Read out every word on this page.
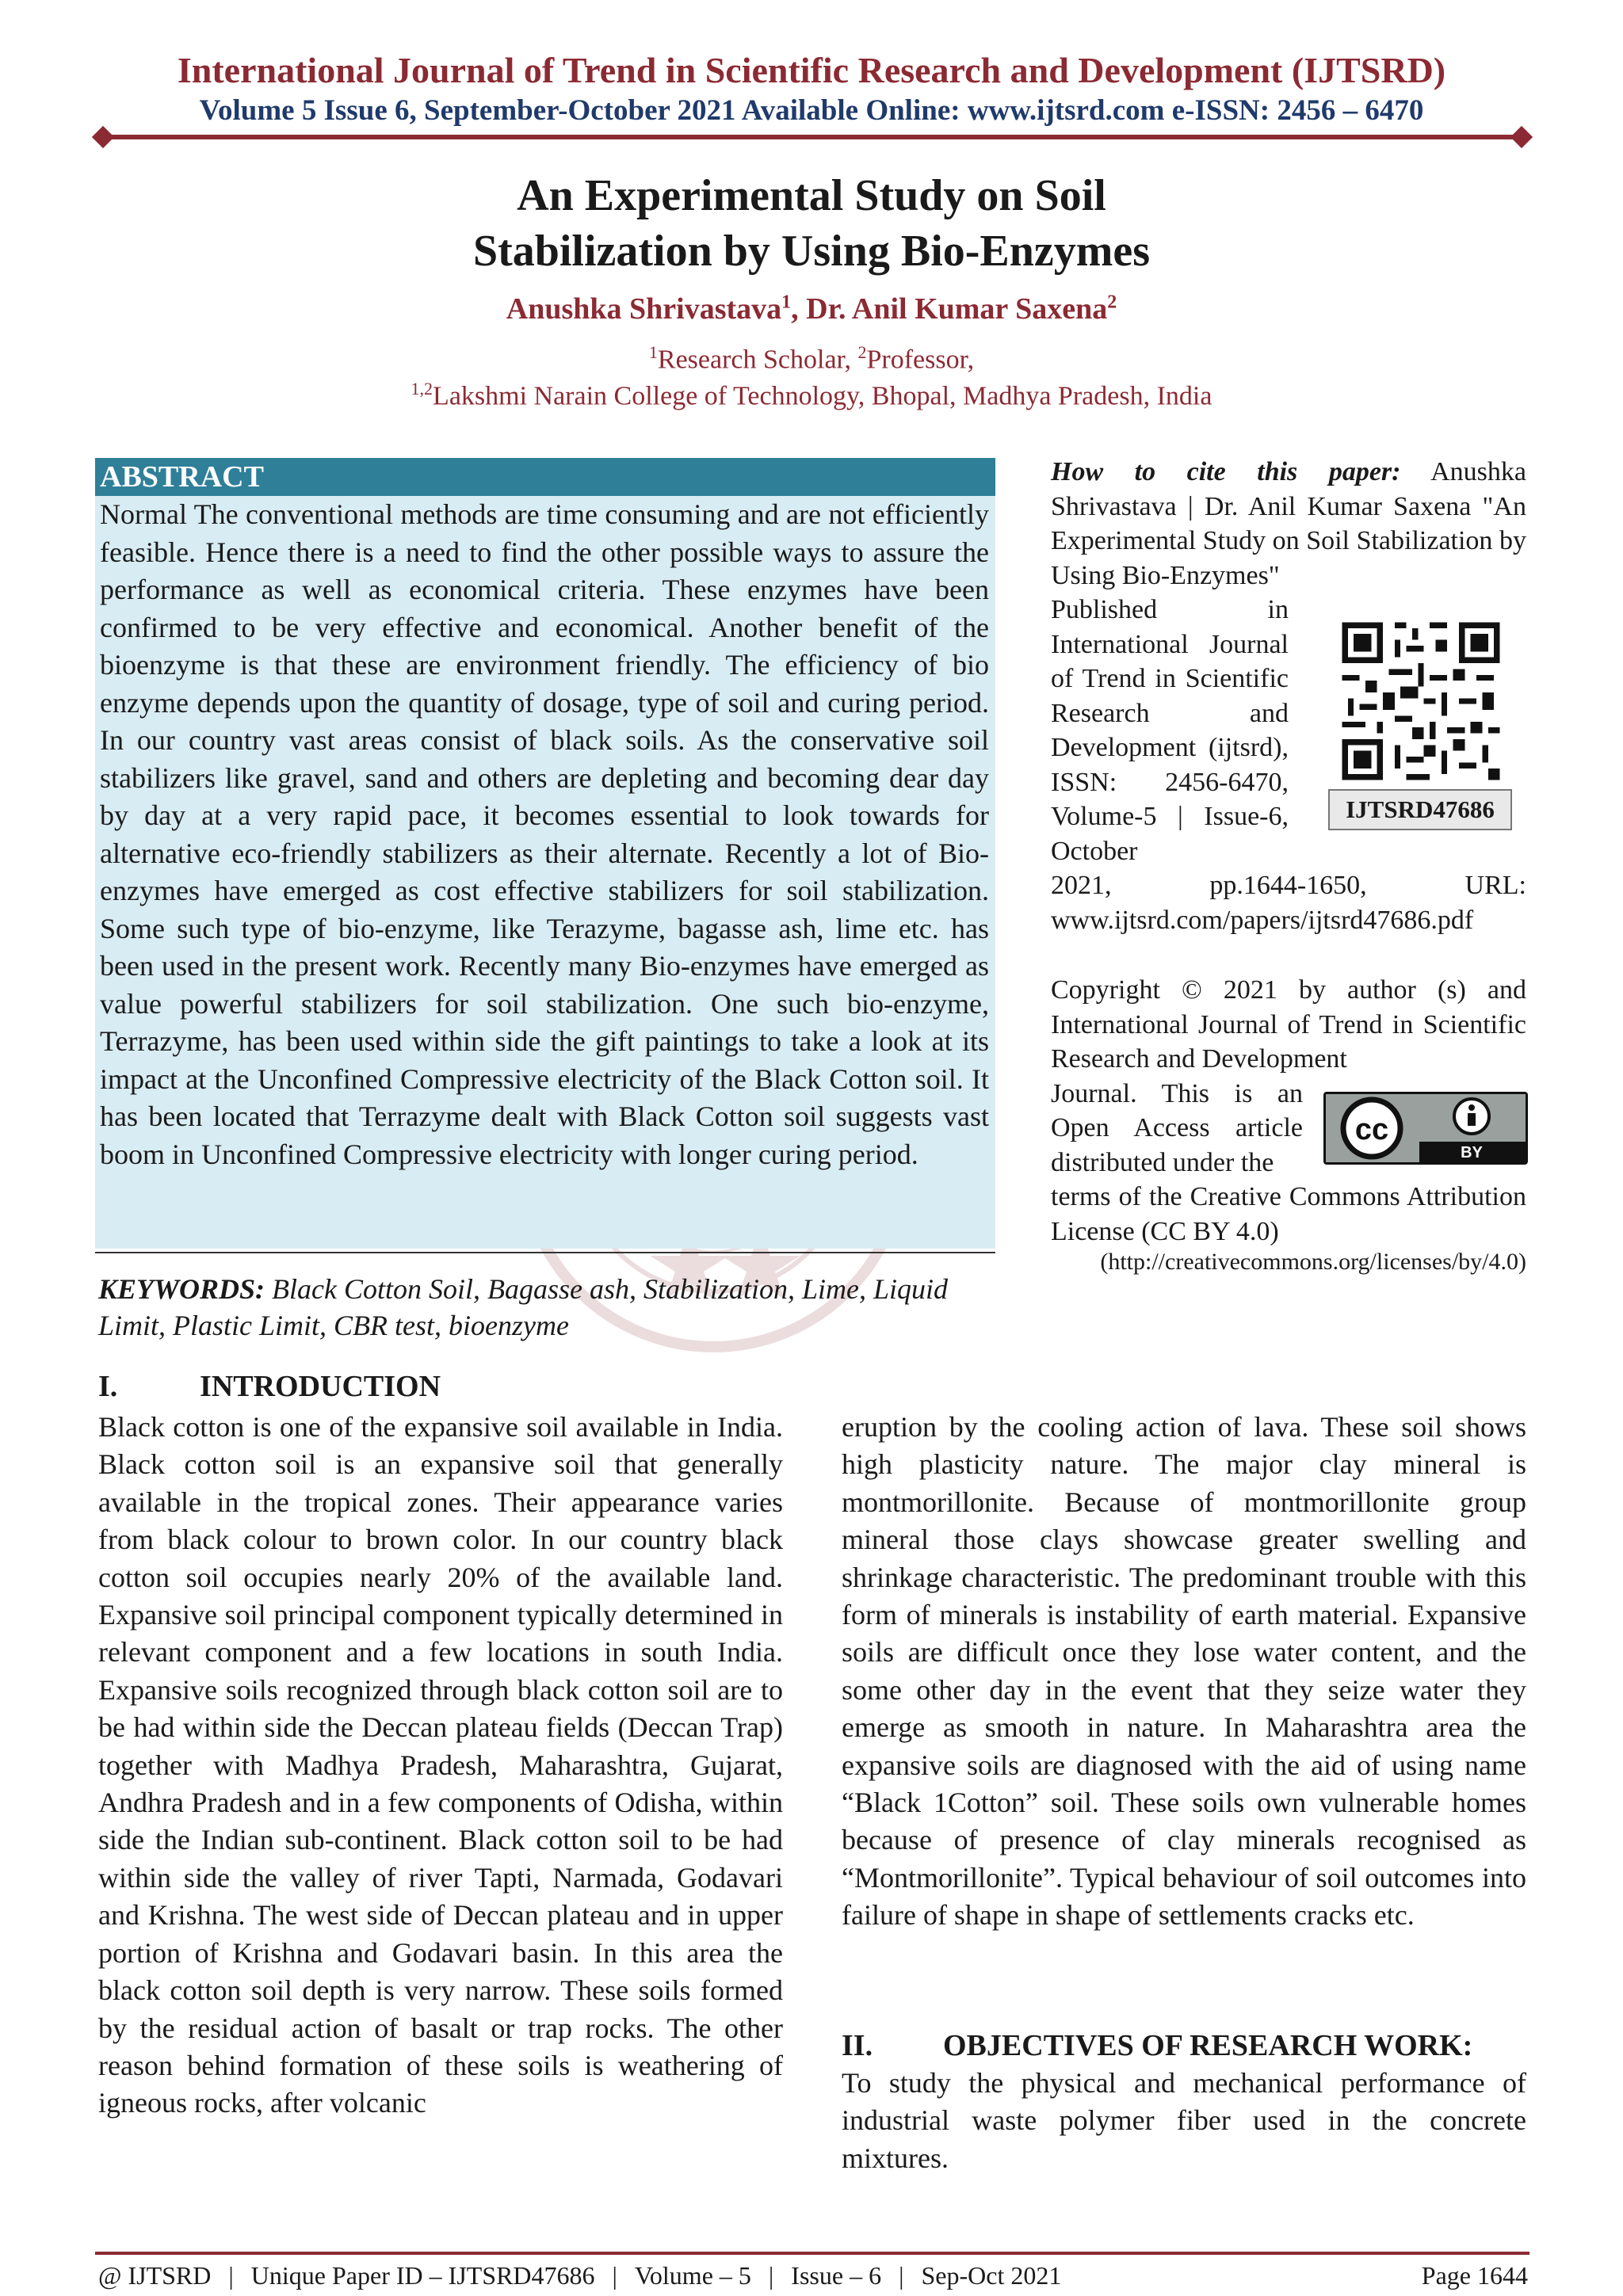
International Journal of Trend in Scientific Research and Development (IJTSRD)
Volume 5 Issue 6, September-October 2021 Available Online: www.ijtsrd.com e-ISSN: 2456 – 6470
An Experimental Study on Soil
Stabilization by Using Bio-Enzymes
Anushka Shrivastava$^1$, Dr. Anil Kumar Saxena$^2$
$^1$Research Scholar, $^2$Professor,
$^{1,2}$Lakshmi Narain College of Technology, Bhopal, Madhya Pradesh, India
ABSTRACT
Normal The conventional methods are time consuming and are not efficiently feasible. Hence there is a need to find the other possible ways to assure the performance as well as economical criteria. These enzymes have been confirmed to be very effective and economical. Another benefit of the bioenzyme is that these are environment friendly. The efficiency of bio enzyme depends upon the quantity of dosage, type of soil and curing period. In our country vast areas consist of black soils. As the conservative soil stabilizers like gravel, sand and others are depleting and becoming dear day by day at a very rapid pace, it becomes essential to look towards for alternative eco-friendly stabilizers as their alternate. Recently a lot of Bio-enzymes have emerged as cost effective stabilizers for soil stabilization. Some such type of bio-enzyme, like Terazyme, bagasse ash, lime etc. has been used in the present work. Recently many Bio-enzymes have emerged as value powerful stabilizers for soil stabilization. One such bio-enzyme, Terrazyme, has been used within side the gift paintings to take a look at its impact at the Unconfined Compressive electricity of the Black Cotton soil. It has been located that Terrazyme dealt with Black Cotton soil suggests vast boom in Unconfined Compressive electricity with longer curing period.
KEYWORDS: Black Cotton Soil, Bagasse ash, Stabilization, Lime, Liquid Limit, Plastic Limit, CBR test, bioenzyme

How to cite this paper: Anushka Shrivastava | Dr. Anil Kumar Saxena "An Experimental Study on Soil Stabilization by Using Bio-Enzymes"

Published in International Journal of Trend in Scientific Research and Development (ijtsrd), ISSN: 2456-6470, Volume-5 | Issue-6, October

2021, pp.1644-1650, URL: www.ijtsrd.com/papers/ijtsrd47686.pdf

IJTSRD47686

Copyright © 2021 by author (s) and International Journal of Trend in Scientific Research and Development

Journal. This is an Open Access article distributed under the

terms of the Creative Commons Attribution License (CC BY 4.0)

cc
BY
(http://creativecommons.org/licenses/by/4.0)
I.	INTRODUCTION
Black cotton is one of the expansive soil available in India. Black cotton soil is an expansive soil that generally available in the tropical zones. Their appearance varies from black colour to brown color. In our country black cotton soil occupies nearly 20% of the available land. Expansive soil principal component typically determined in relevant component and a few locations in south India. Expansive soils recognized through black cotton soil are to be had within side the Deccan plateau fields (Deccan Trap) together with Madhya Pradesh, Maharashtra, Gujarat, Andhra Pradesh and in a few components of Odisha, within side the Indian sub-continent. Black cotton soil to be had within side the valley of river Tapti, Narmada, Godavari and Krishna. The west side of Deccan plateau and in upper portion of Krishna and Godavari basin. In this area the black cotton soil depth is very narrow. These soils formed by the residual action of basalt or trap rocks. The other reason behind formation of these soils is weathering of igneous rocks, after volcanic
eruption by the cooling action of lava. These soil shows high plasticity nature. The major clay mineral is montmorillonite. Because of montmorillonite group mineral those clays showcase greater swelling and shrinkage characteristic. The predominant trouble with this form of minerals is instability of earth material. Expansive soils are difficult once they lose water content, and the some other day in the event that they seize water they emerge as smooth in nature. In Maharashtra area the expansive soils are diagnosed with the aid of using name “Black 1Cotton” soil. These soils own vulnerable homes because of presence of clay minerals recognised as “Montmorillonite”. Typical behaviour of soil outcomes into failure of shape in shape of settlements cracks etc.
II. OBJECTIVES OF RESEARCH WORK:
To study the physical and mechanical performance of industrial waste polymer fiber used in the concrete mixtures.
@ IJTSRD | Unique Paper ID – IJTSRD47686 | Volume – 5 | Issue – 6 | Sep-Oct 2021	Page 1644
